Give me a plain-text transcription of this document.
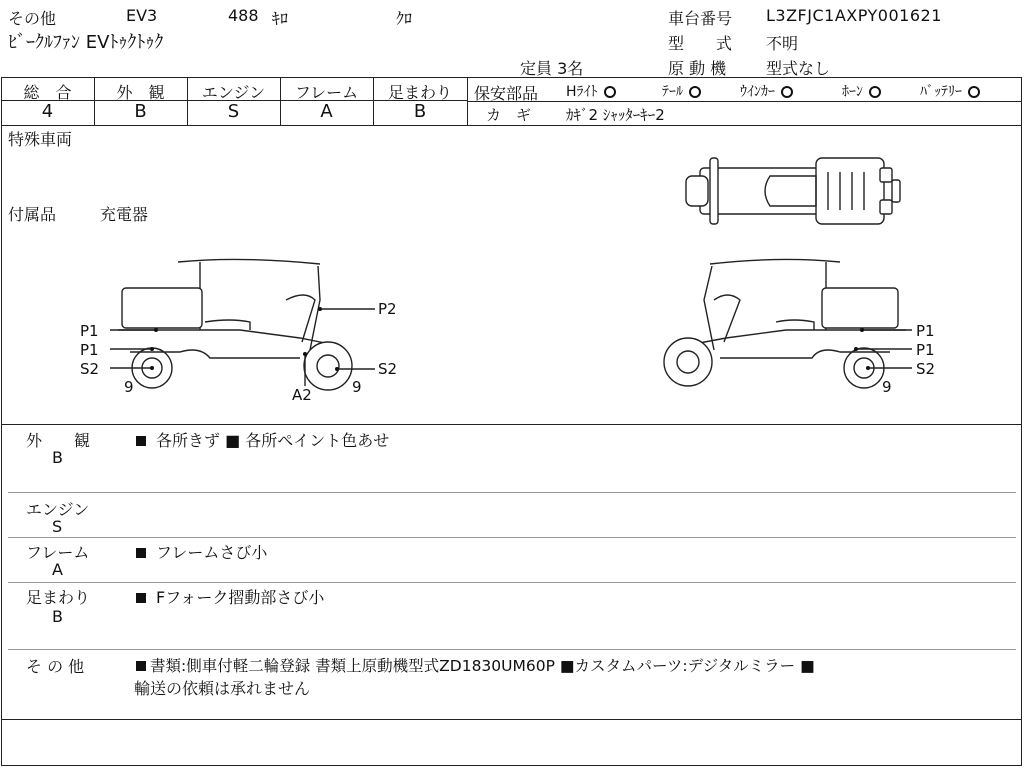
その他	EV3	488 ｷﾛ	ｸﾛ
ﾋﾞｰｸﾙﾌｧﾝ EVﾄｩｸﾄｩｸ
定員 3名
車台番号 L3ZFJC1AXPY001621
型　　式 不明
原 動 機 型式なし
総　合	外　観	エンジン	フレーム	足まわり
4	B	S	A	B
保安部品 Hﾗｲﾄ	ﾃｰﾙ	ｳｲﾝｶｰ	ﾎｰﾝ	ﾊﾞｯﾃﾘｰ
カ　ギ ｶｷﾞ2 ｼｬｯﾀｰｷｰ2
特殊車両
付属品	充電器
P1
P1
S2
9	A2	9
P2
S2
P1
P1
S2
9
外　　観
B
各所きず ■ 各所ペイント色あせ
エンジン
S
フレーム
A
フレームさび小
足まわり
B
Fフォーク摺動部さび小
そ の 他	書類:側車付軽二輪登録 書類上原動機型式ZD1830UM60P ■カスタムパーツ:デジタルミラー ■
輸送の依頼は承れません
